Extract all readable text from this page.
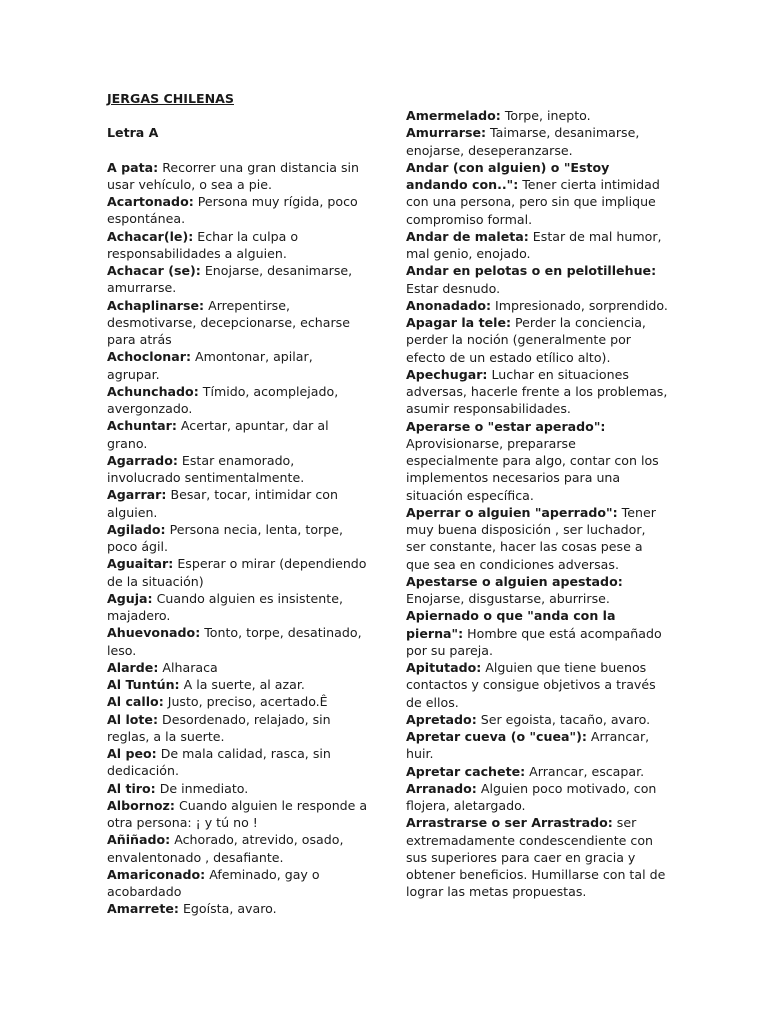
JERGAS CHILENAS

Letra A

A pata: Recorrer una gran distancia sin usar vehículo, o sea a pie.

Acartonado: Persona muy rígida, poco espontánea.

Achacar(le): Echar la culpa o responsabilidades a alguien.

Achacar (se): Enojarse, desanimarse, amurrarse.

Achaplinarse: Arrepentirse, desmotivarse, decepcionarse, echarse para atrás

Achoclonar: Amontonar, apilar, agrupar.

Achunchado: Tímido, acomplejado, avergonzado.

Achuntar: Acertar, apuntar, dar al grano.

Agarrado: Estar enamorado, involucrado sentimentalmente.

Agarrar: Besar, tocar, intimidar con alguien.

Agilado: Persona necia, lenta, torpe, poco ágil.

Aguaitar: Esperar o mirar (dependiendo de la situación)

Aguja: Cuando alguien es insistente, majadero.

Ahuevonado: Tonto, torpe, desatinado, leso.

Alarde: Alharaca

Al Tuntún: A la suerte, al azar.

Al callo: Justo, preciso, acertado.Ê

Al lote: Desordenado, relajado, sin reglas, a la suerte.

Al peo: De mala calidad, rasca, sin dedicación.

Al tiro: De inmediato.

Albornoz: Cuando alguien le responde a otra persona: ¡ y tú no !

Añiñado: Achorado, atrevido, osado, envalentonado , desafiante.

Amariconado: Afeminado, gay o acobardado

Amarrete: Egoísta, avaro.

Amermelado: Torpe, inepto.

Amurrarse: Taimarse, desanimarse, enojarse, deseperanzarse.

Andar (con alguien) o "Estoy andando con..": Tener cierta intimidad con una persona, pero sin que implique compromiso formal.

Andar de maleta: Estar de mal humor, mal genio, enojado.

Andar en pelotas o en pelotillehue: Estar desnudo.

Anonadado: Impresionado, sorprendido.

Apagar la tele: Perder la conciencia, perder la noción (generalmente por efecto de un estado etílico alto).

Apechugar: Luchar en situaciones adversas, hacerle frente a los problemas, asumir responsabilidades.

Aperarse o "estar aperado": Aprovisionarse, prepararse especialmente para algo, contar con los implementos necesarios para una situación específica.

Aperrar o alguien "aperrado": Tener muy buena disposición , ser luchador, ser constante, hacer las cosas pese a que sea en condiciones adversas.

Apestarse o alguien apestado: Enojarse, disgustarse, aburrirse.

Apiernado o que "anda con la pierna": Hombre que está acompañado por su pareja.

Apitutado: Alguien que tiene buenos contactos y consigue objetivos a través de ellos.

Apretado: Ser egoista, tacaño, avaro.

Apretar cueva (o "cuea"): Arrancar, huir.

Apretar cachete: Arrancar, escapar.

Arranado: Alguien poco motivado, con flojera, aletargado.

Arrastrarse o ser Arrastrado: ser extremadamente condescendiente con sus superiores para caer en gracia y obtener beneficios. Humillarse con tal de lograr las metas propuestas.
